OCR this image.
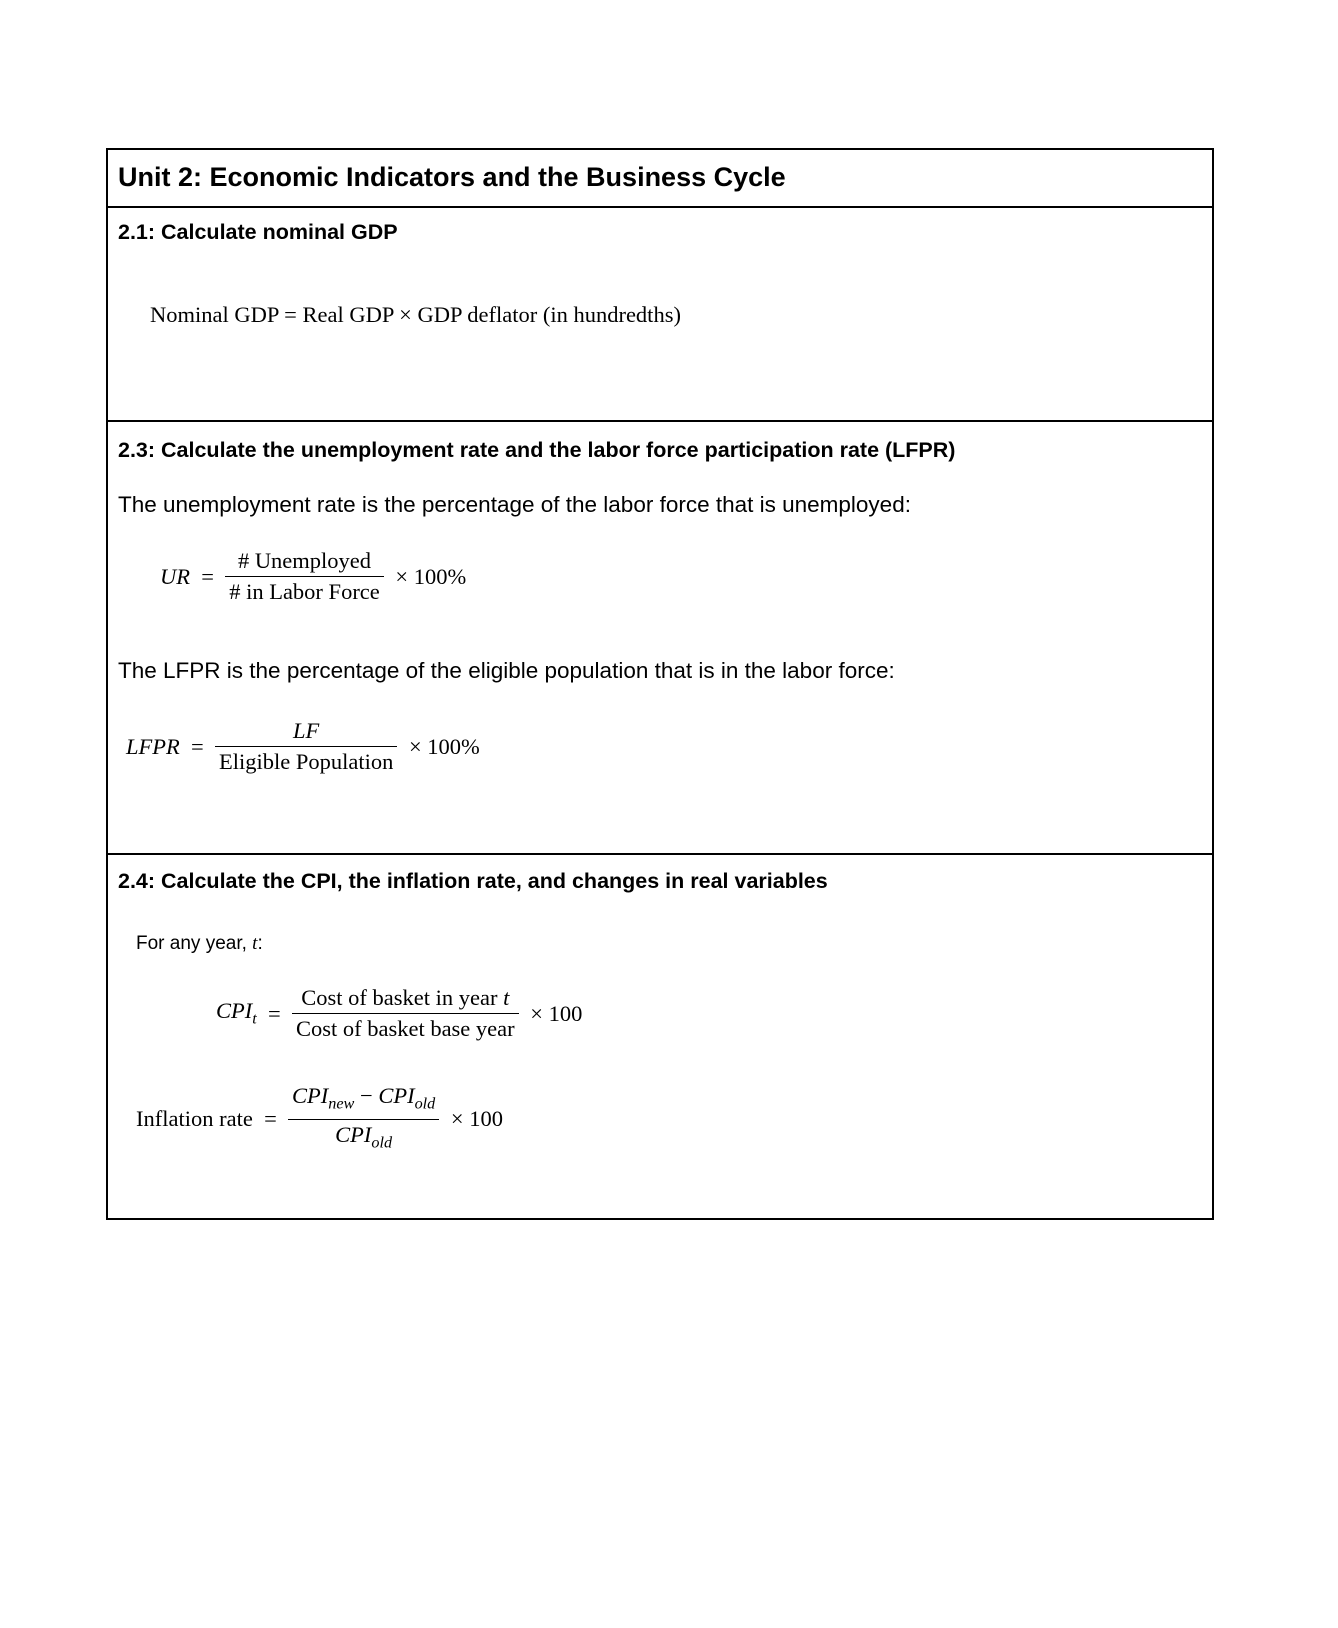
Unit 2: Economic Indicators and the Business Cycle
2.1: Calculate nominal GDP
Nominal GDP = Real GDP × GDP deflator (in hundredths)
2.3: Calculate the unemployment rate and the labor force participation rate (LFPR)
The unemployment rate is the percentage of the labor force that is unemployed:
UR  = $\frac{\text{\# Unemployed}}{\text{\# in Labor Force}} \times 100\%$
The LFPR is the percentage of the eligible population that is in the labor force:
LFPR  = $\frac{LF}{\text{Eligible Population}} \times 100\%$
2.4: Calculate the CPI, the inflation rate, and changes in real variables
For any year, t:
$CPI_t = \frac{\text{Cost of basket in year t}}{\text{Cost of basket base year}} \times 100$
Inflation rate  = $\frac{CPI_{new} - CPI_{old}}{CPI_{old}} \times 100$
